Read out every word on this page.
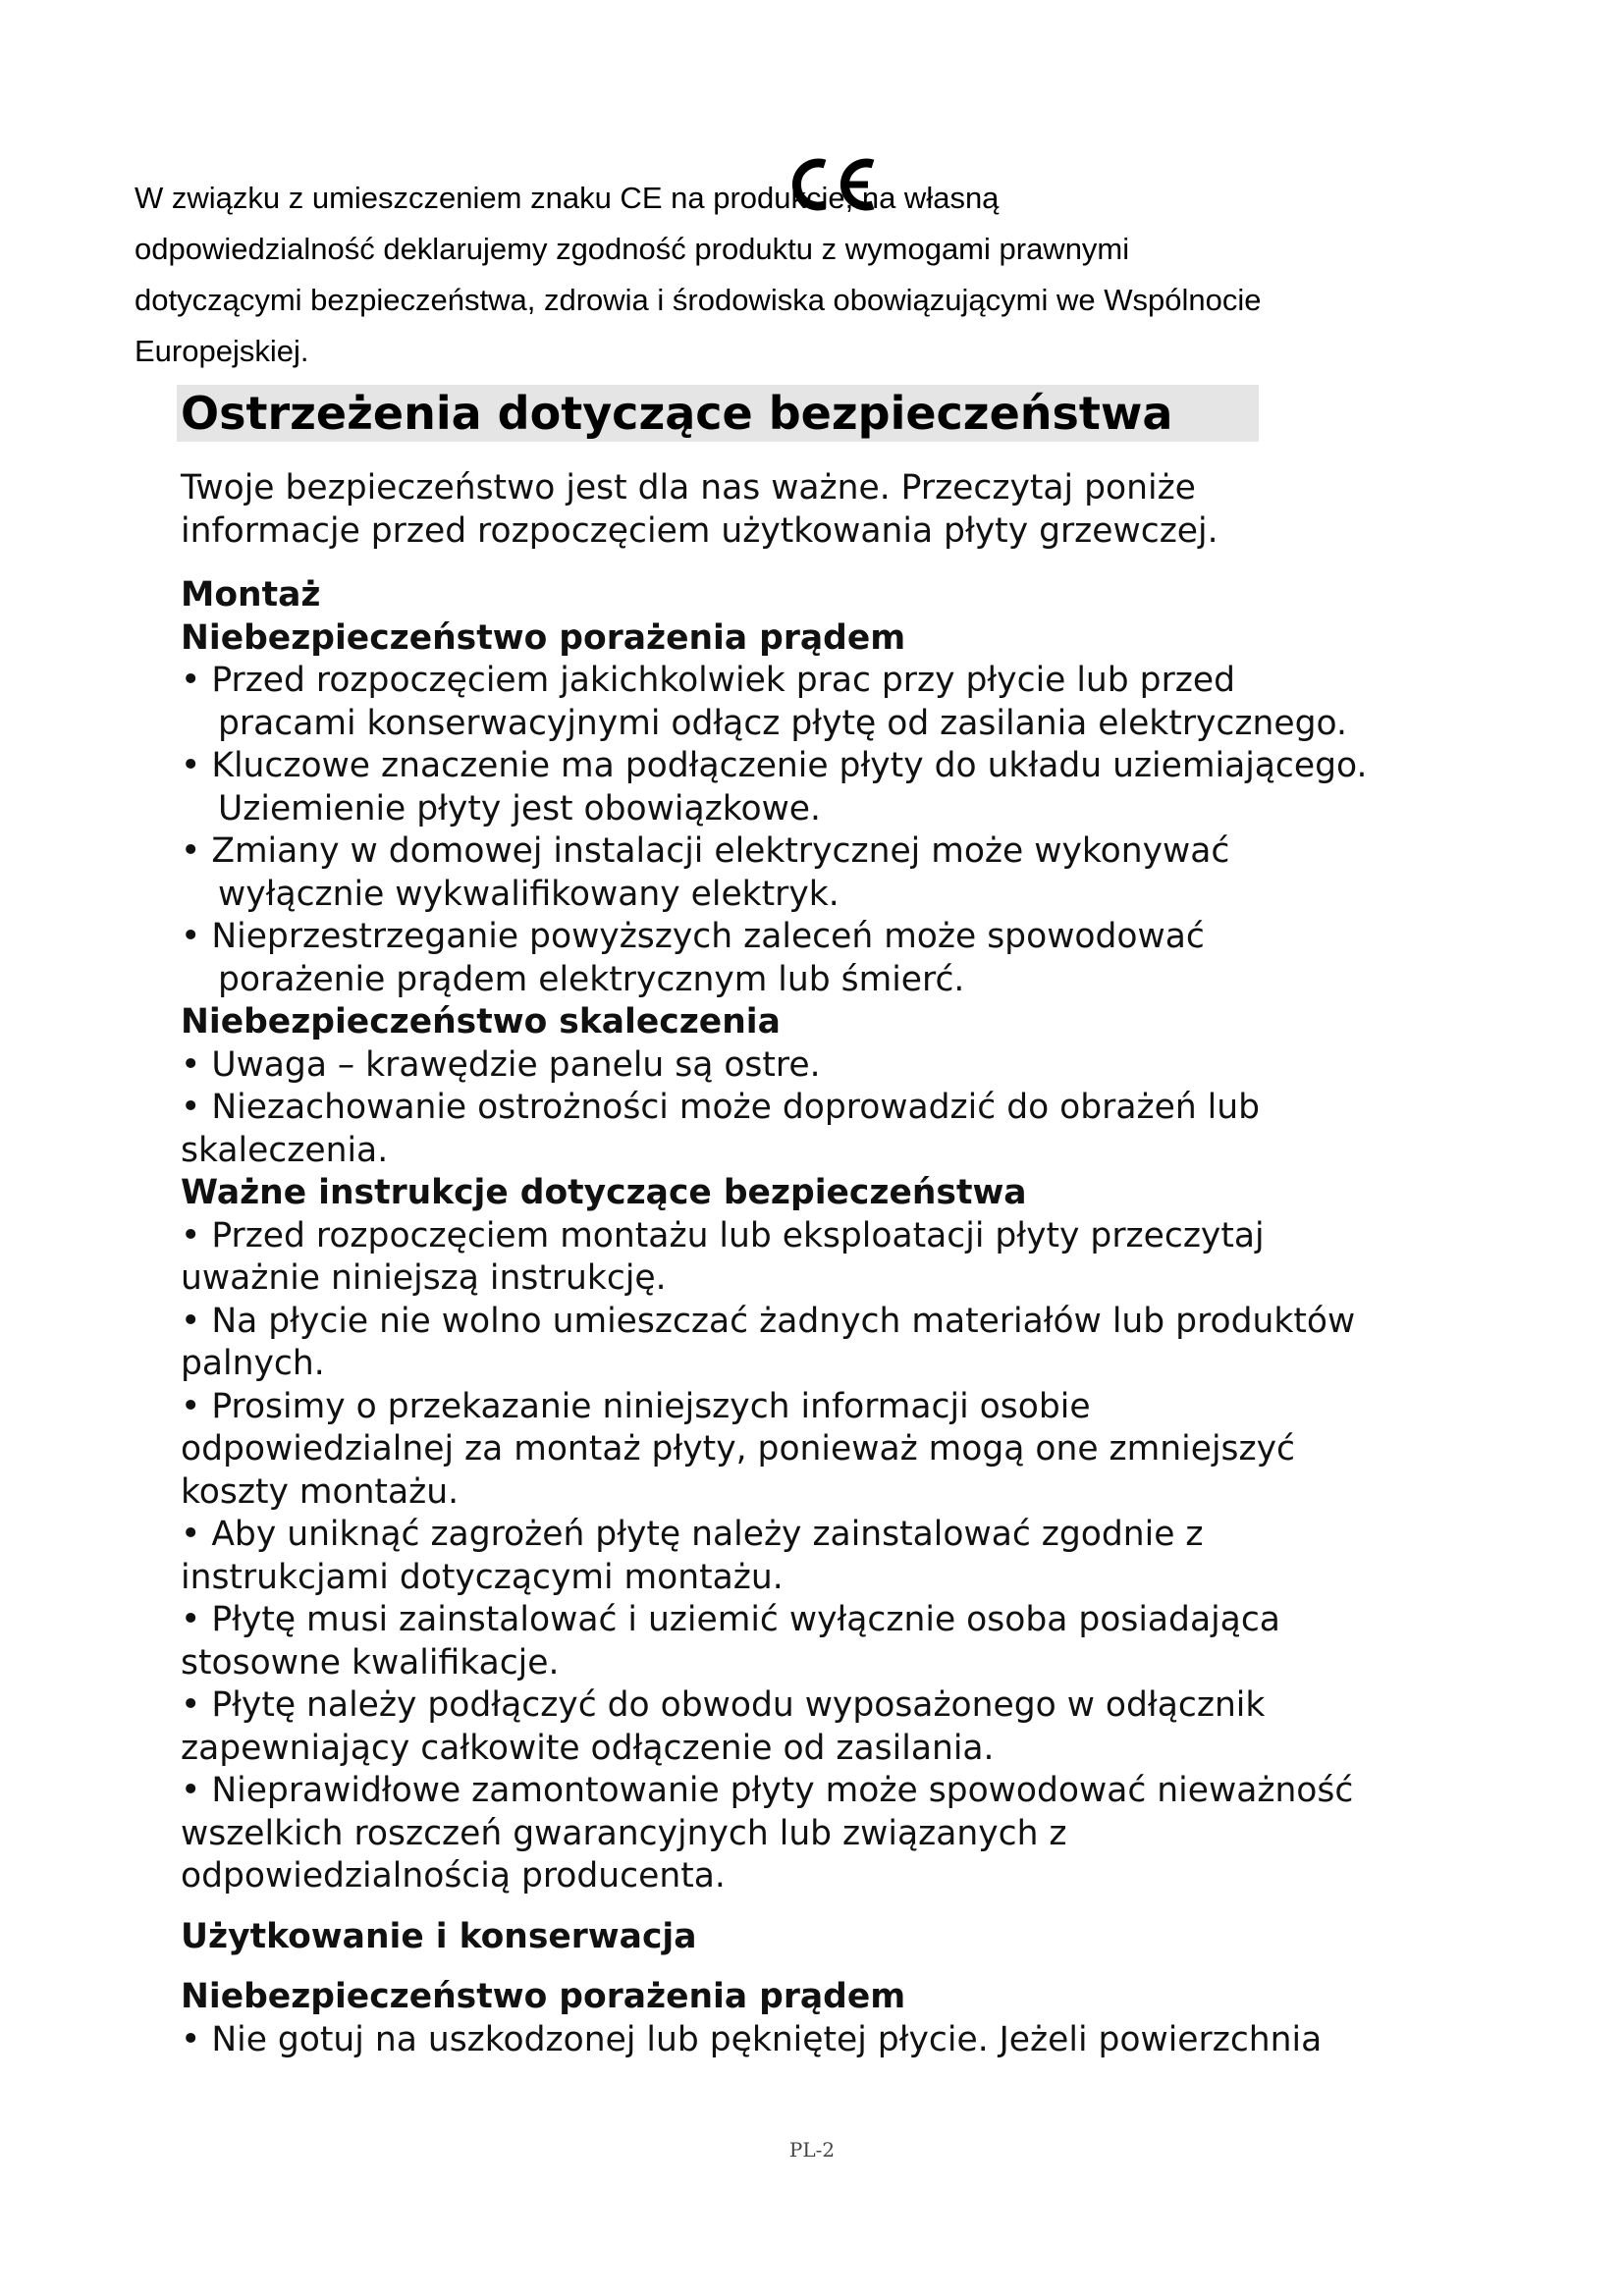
W związku z umieszczeniem znaku CE na produkcie, na własną
odpowiedzialność deklarujemy zgodność produktu z wymogami prawnymi
dotyczącymi bezpieczeństwa, zdrowia i środowiska obowiązującymi we Wspólnocie
Europejskiej.
Ostrzeżenia dotyczące bezpieczeństwa
Twoje bezpieczeństwo jest dla nas ważne. Przeczytaj poniże
informacje przed rozpoczęciem użytkowania płyty grzewczej.
Montaż
Niebezpieczeństwo porażenia prądem
• Przed rozpoczęciem jakichkolwiek prac przy płycie lub przed
pracami konserwacyjnymi odłącz płytę od zasilania elektrycznego.
• Kluczowe znaczenie ma podłączenie płyty do układu uziemiającego.
Uziemienie płyty jest obowiązkowe.
• Zmiany w domowej instalacji elektrycznej może wykonywać
wyłącznie wykwalifikowany elektryk.
• Nieprzestrzeganie powyższych zaleceń może spowodować
porażenie prądem elektrycznym lub śmierć.
Niebezpieczeństwo skaleczenia
• Uwaga – krawędzie panelu są ostre.
• Niezachowanie ostrożności może doprowadzić do obrażeń lub
skaleczenia.
Ważne instrukcje dotyczące bezpieczeństwa
• Przed rozpoczęciem montażu lub eksploatacji płyty przeczytaj
uważnie niniejszą instrukcję.
• Na płycie nie wolno umieszczać żadnych materiałów lub produktów
palnych.
• Prosimy o przekazanie niniejszych informacji osobie
odpowiedzialnej za montaż płyty, ponieważ mogą one zmniejszyć
koszty montażu.
• Aby uniknąć zagrożeń płytę należy zainstalować zgodnie z
instrukcjami dotyczącymi montażu.
• Płytę musi zainstalować i uziemić wyłącznie osoba posiadająca
stosowne kwalifikacje.
• Płytę należy podłączyć do obwodu wyposażonego w odłącznik
zapewniający całkowite odłączenie od zasilania.
• Nieprawidłowe zamontowanie płyty może spowodować nieważność
wszelkich roszczeń gwarancyjnych lub związanych z
odpowiedzialnością producenta.
Użytkowanie i konserwacja
Niebezpieczeństwo porażenia prądem
• Nie gotuj na uszkodzonej lub pękniętej płycie. Jeżeli powierzchnia
PL-2
